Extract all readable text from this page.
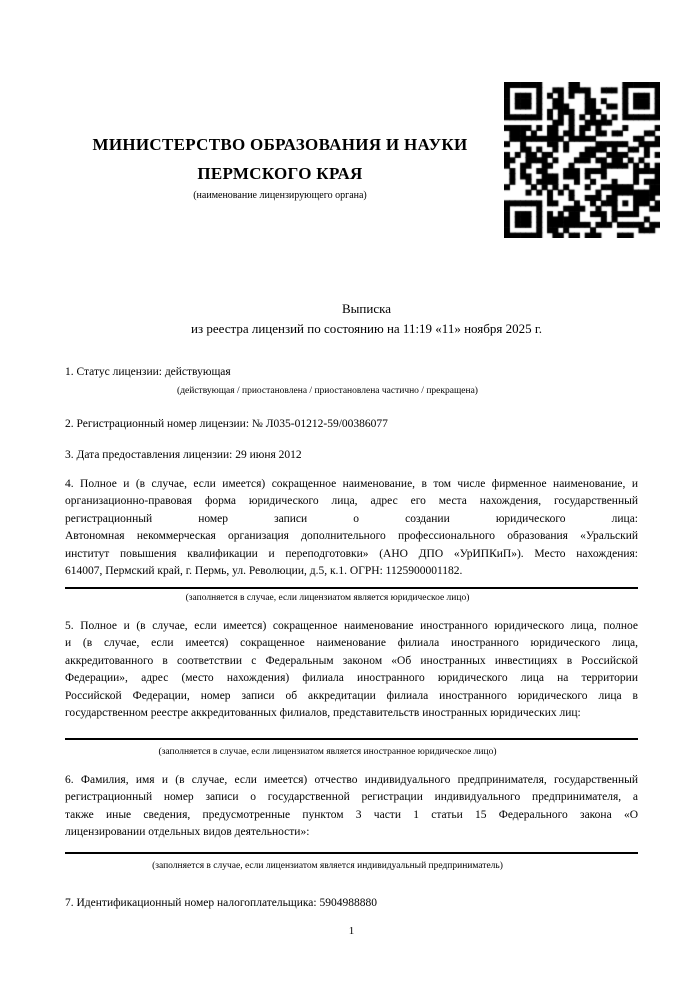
МИНИСТЕРСТВО ОБРАЗОВАНИЯ И НАУКИ
ПЕРМСКОГО КРАЯ
(наименование лицензирующего органа)
Выписка
из реестра лицензий по состоянию на 11:19 «11» ноября 2025 г.
1. Статус лицензии: действующая
(действующая / приостановлена / приостановлена частично / прекращена)
2. Регистрационный номер лицензии: № Л035-01212-59/00386077
3. Дата предоставления лицензии: 29 июня 2012
4. Полное и (в случае, если имеется) сокращенное наименование, в том числе фирменное наименование, и
организационно-правовая форма юридического лица, адрес его места нахождения, государственный
регистрационный номер записи о создании юридического лица:
Автономная некоммерческая организация дополнительного профессионального образования «Уральский
институт повышения квалификации и переподготовки» (АНО ДПО «УрИПКиП»). Место нахождения:
614007, Пермский край, г. Пермь, ул. Революции, д.5, к.1. ОГРН: 1125900001182.
(заполняется в случае, если лицензиатом является юридическое лицо)
5. Полное и (в случае, если имеется) сокращенное наименование иностранного юридического лица, полное
и (в случае, если имеется) сокращенное наименование филиала иностранного юридического лица,
аккредитованного в соответствии с Федеральным законом «Об иностранных инвестициях в Российской
Федерации», адрес (место нахождения) филиала иностранного юридического лица на территории
Российской Федерации, номер записи об аккредитации филиала иностранного юридического лица в
государственном реестре аккредитованных филиалов, представительств иностранных юридических лиц:
(заполняется в случае, если лицензиатом является иностранное юридическое лицо)
6. Фамилия, имя и (в случае, если имеется) отчество индивидуального предпринимателя, государственный
регистрационный номер записи о государственной регистрации индивидуального предпринимателя, а
также иные сведения, предусмотренные пунктом 3 части 1 статьи 15 Федерального закона «О
лицензировании отдельных видов деятельности»:
(заполняется в случае, если лицензиатом является индивидуальный предприниматель)
7. Идентификационный номер налогоплательщика: 5904988880
1
